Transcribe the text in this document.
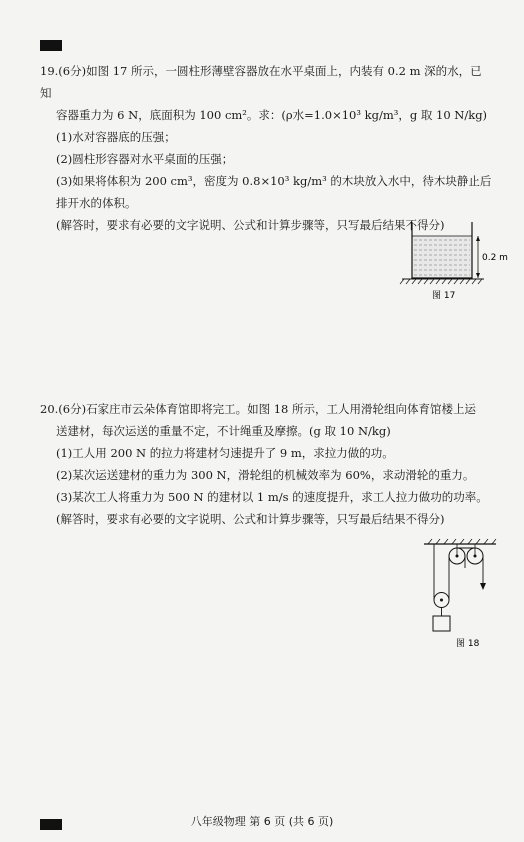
19.(6分)如图 17 所示，一圆柱形薄壁容器放在水平桌面上，内装有 0.2 m 深的水，已知

容器重力为 6 N，底面积为 100 cm²。求：(ρ水=1.0×10³ kg/m³，g 取 10 N/kg)

(1)水对容器底的压强；

(2)圆柱形容器对水平桌面的压强；

(3)如果将体积为 200 cm³，密度为 0.8×10³ kg/m³ 的木块放入水中，待木块静止后

排开水的体积。

(解答时，要求有必要的文字说明、公式和计算步骤等，只写最后结果不得分)

0.2 m
图 17

20.(6分)石家庄市云朵体育馆即将完工。如图 18 所示，工人用滑轮组向体育馆楼上运

送建材，每次运送的重量不定，不计绳重及摩擦。(g 取 10 N/kg)

(1)工人用 200 N 的拉力将建材匀速提升了 9 m，求拉力做的功。

(2)某次运送建材的重力为 300 N，滑轮组的机械效率为 60%，求动滑轮的重力。

(3)某次工人将重力为 500 N 的建材以 1 m/s 的速度提升，求工人拉力做功的功率。

(解答时，要求有必要的文字说明、公式和计算步骤等，只写最后结果不得分)

图 18
八年级物理 第 6 页 (共 6 页)
